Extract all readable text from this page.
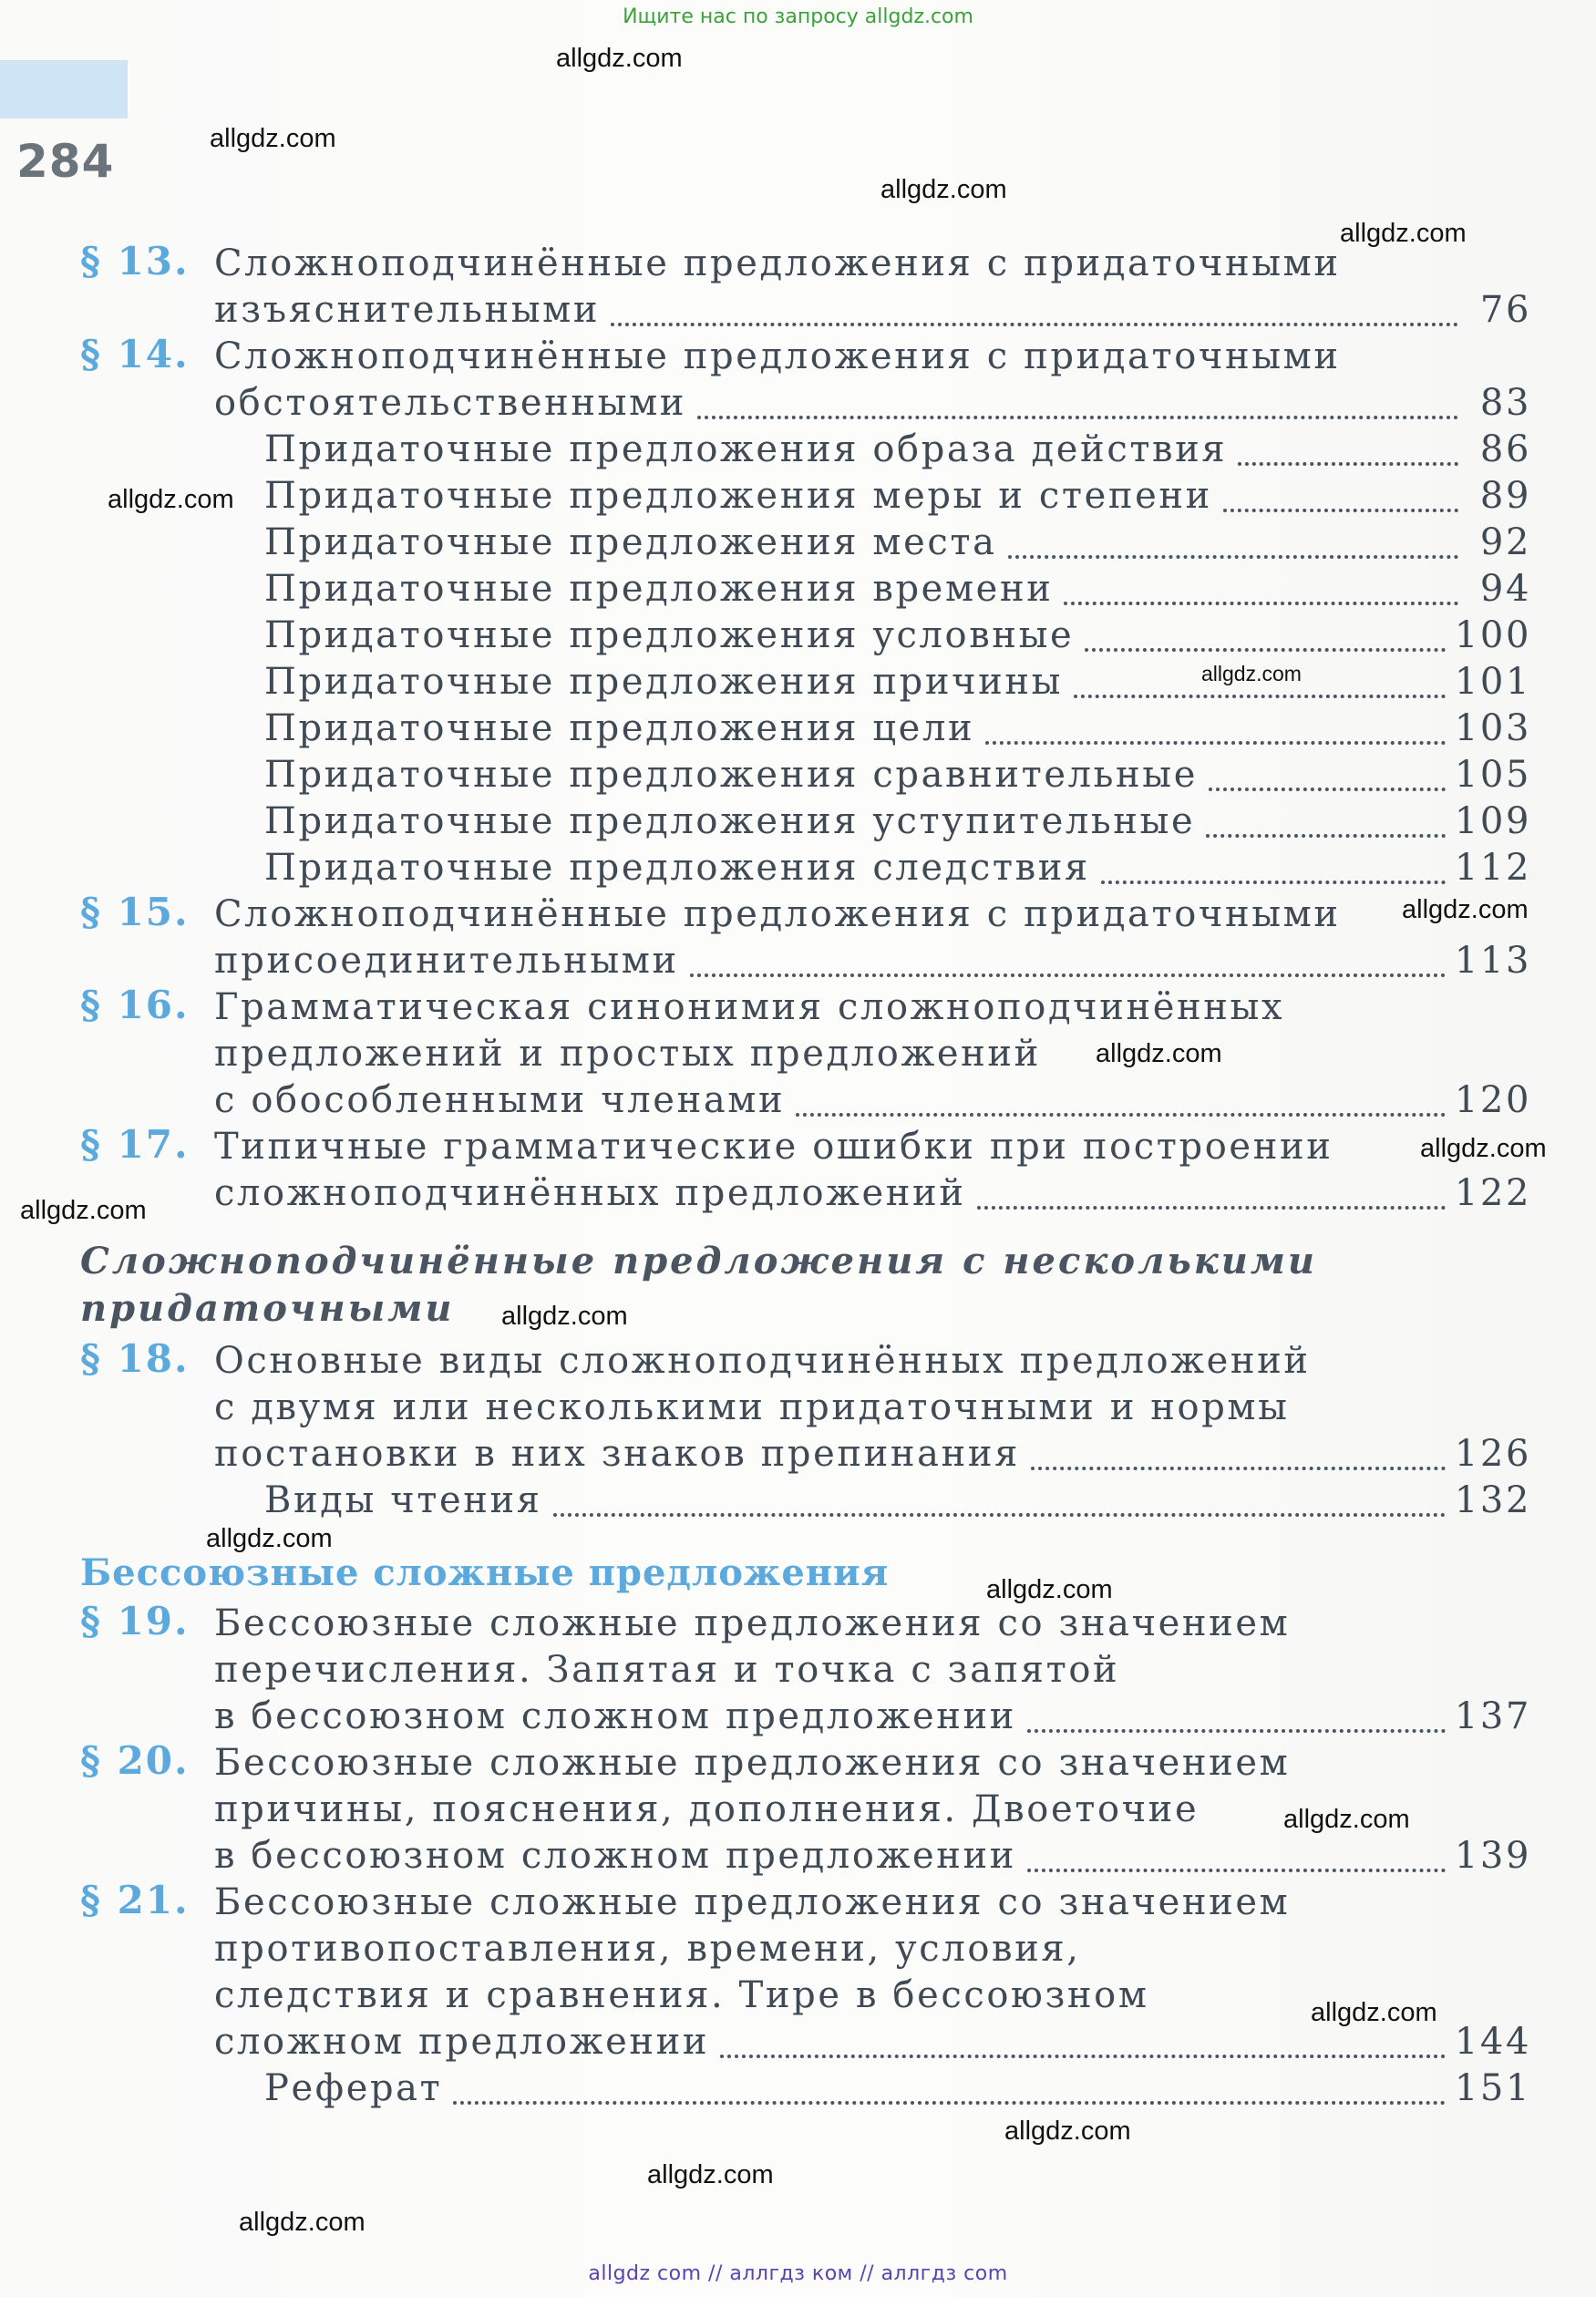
Ищите нас по запросу allgdz.com
284
§ 13. Сложноподчинённые предложения с придаточными
изъяснительными	76
§ 14. Сложноподчинённые предложения с придаточными
обстоятельственными	83
Придаточные предложения образа действия	86
Придаточные предложения меры и степени	89
Придаточные предложения места	92
Придаточные предложения времени	94
Придаточные предложения условные	100
Придаточные предложения причины	101
Придаточные предложения цели	103
Придаточные предложения сравнительные	105
Придаточные предложения уступительные	109
Придаточные предложения следствия	112
§ 15. Сложноподчинённые предложения с придаточными
присоединительными	113
§ 16. Грамматическая синонимия сложноподчинённых
предложений и простых предложений
с обособленными членами	120
§ 17. Типичные грамматические ошибки при построении
сложноподчинённых предложений	122
Сложноподчинённые предложения с несколькими
придаточными
§ 18. Основные виды сложноподчинённых предложений
с двумя или несколькими придаточными и нормы
постановки в них знаков препинания	126
Виды чтения	132
Бессоюзные сложные предложения
§ 19. Бессоюзные сложные предложения со значением
перечисления. Запятая и точка с запятой
в бессоюзном сложном предложении	137
§ 20. Бессоюзные сложные предложения со значением
причины, пояснения, дополнения. Двоеточие
в бессоюзном сложном предложении	139
§ 21. Бессоюзные сложные предложения со значением
противопоставления, времени, условия,
следствия и сравнения. Тире в бессоюзном
сложном предложении	144
Реферат	151
allgdz.com
allgdz.com
allgdz.com
allgdz.com
allgdz.com
allgdz.com
allgdz.com
allgdz.com
allgdz.com
allgdz.com
allgdz.com
allgdz.com
allgdz.com
allgdz.com
allgdz.com
allgdz.com
allgdz.com
allgdz.com
allgdz com // аллгдз ком // аллгдз com
